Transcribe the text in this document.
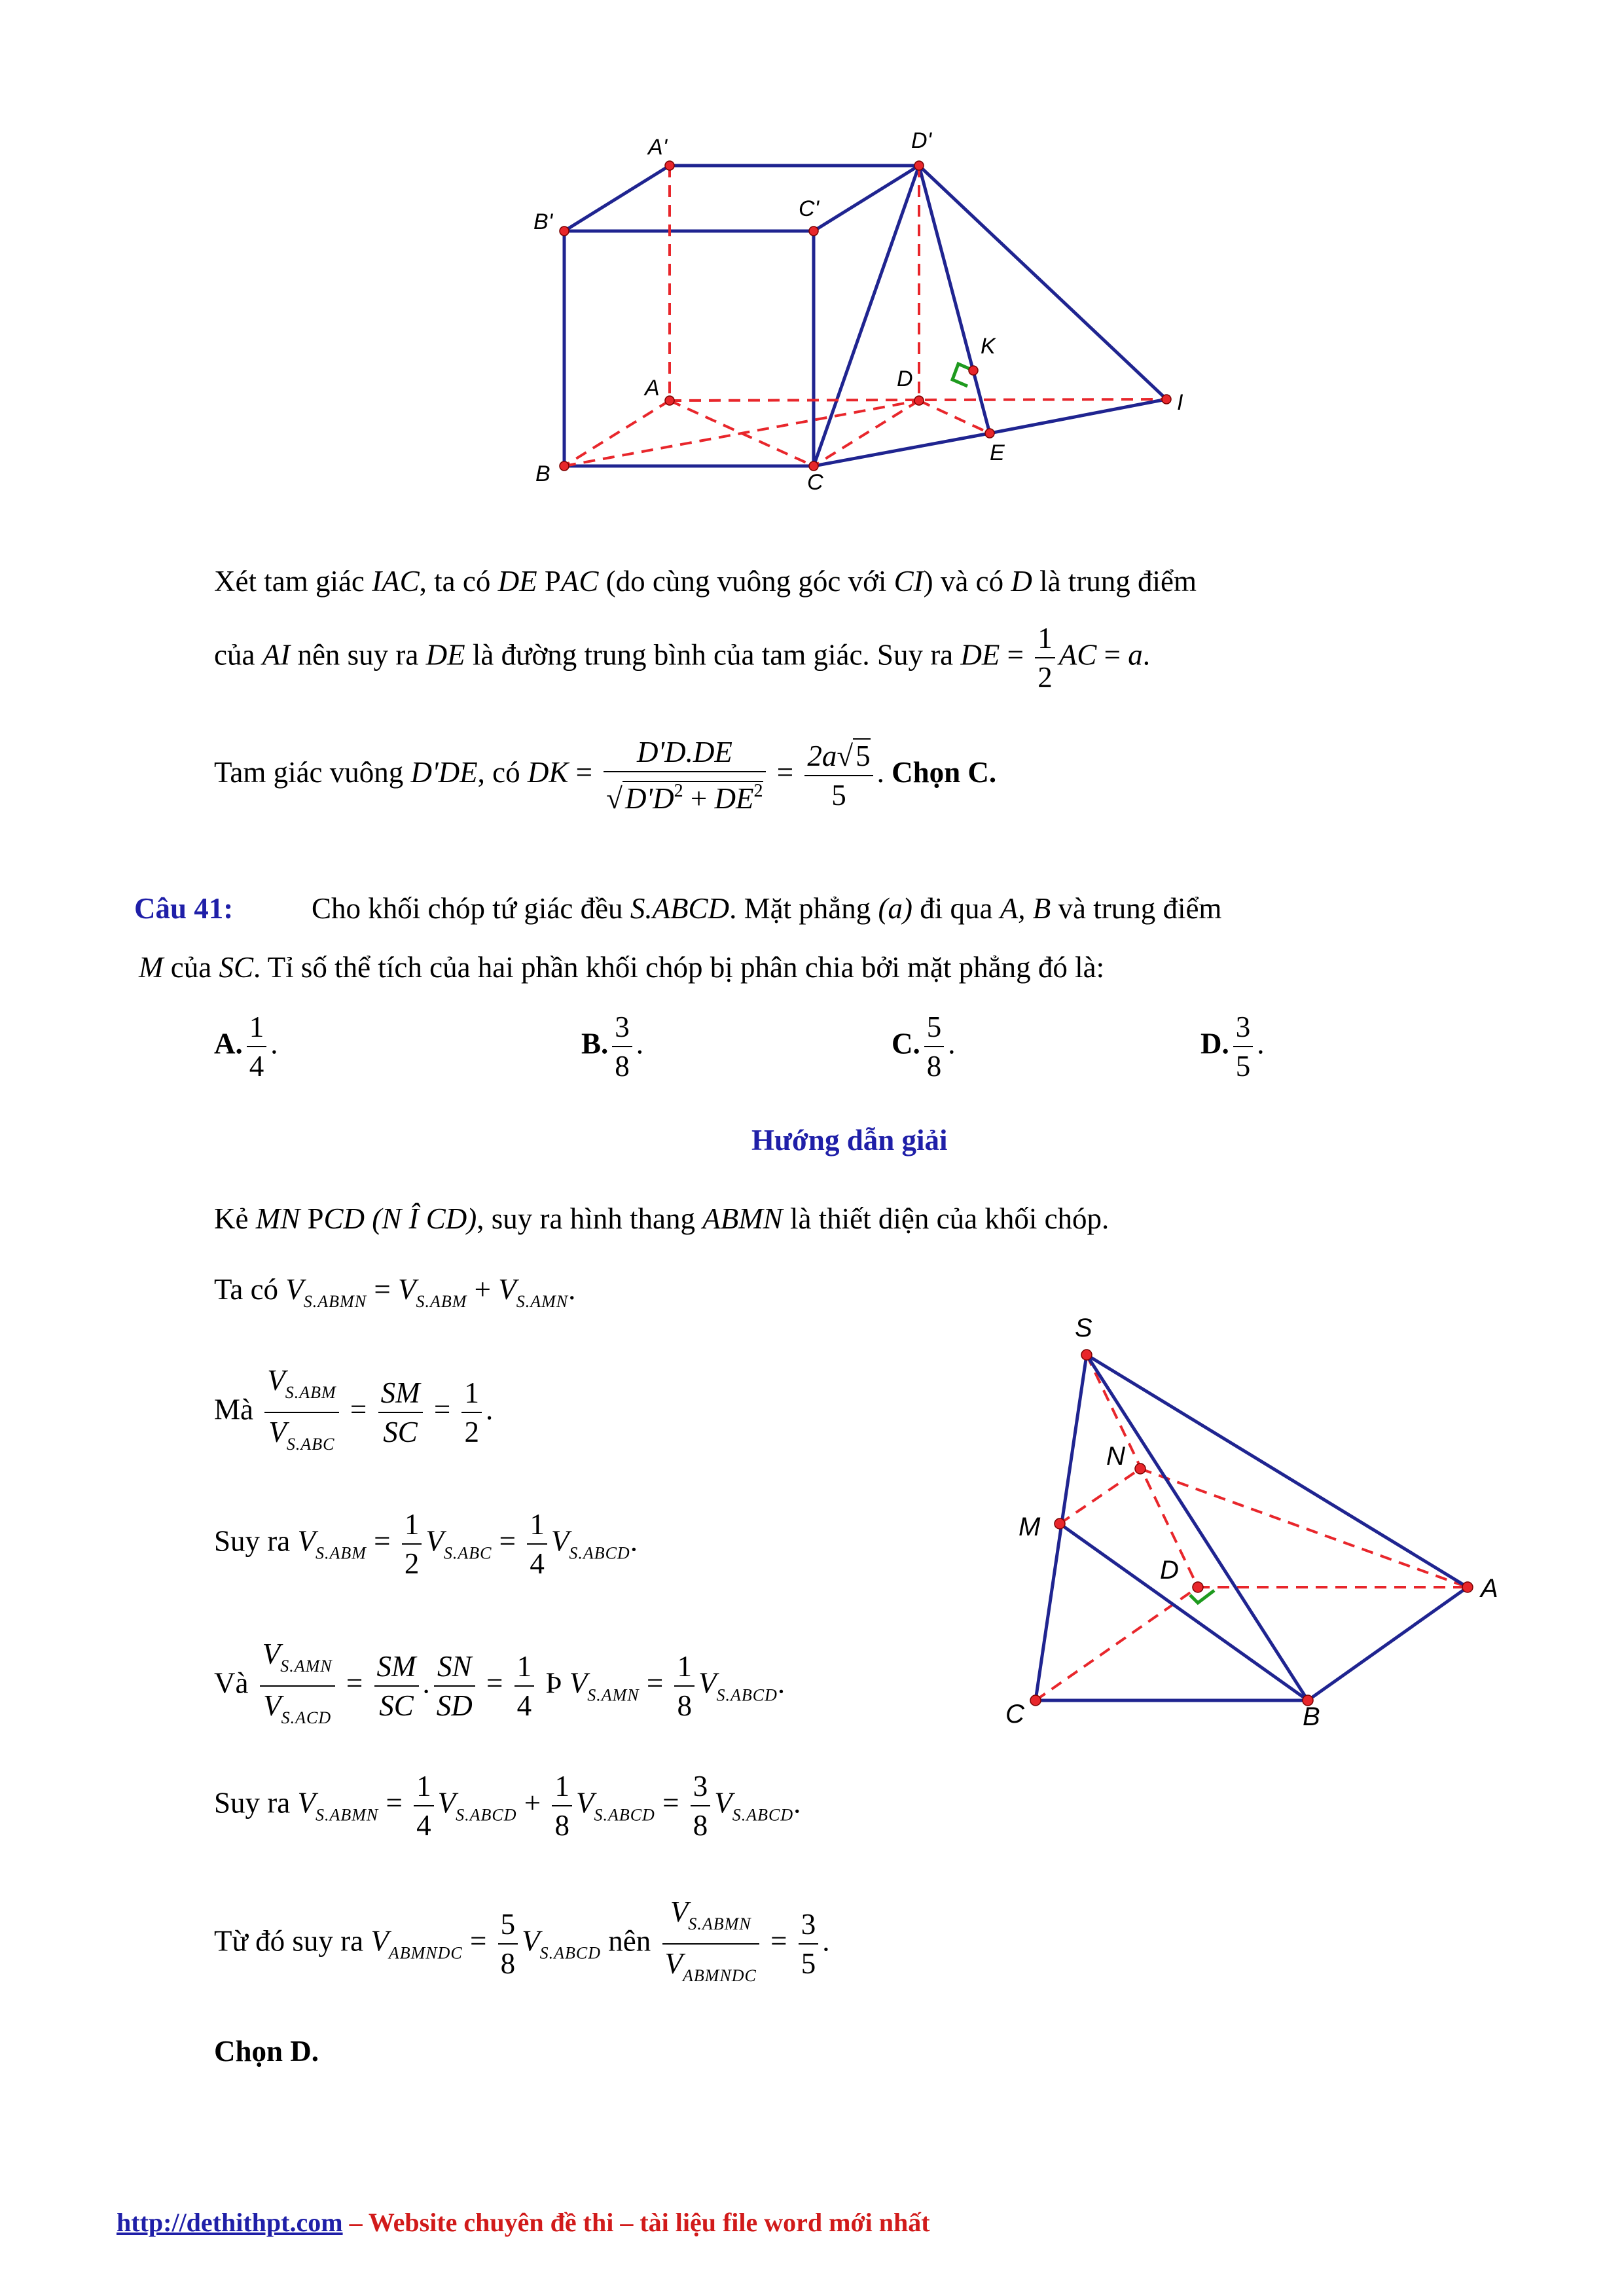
A'	D'
B'
C'
K
A	D
I
E
B	C
Xét tam giác IAC, ta có DE PAC (do cùng vuông góc với CI) và có D là trung điểm
của AI nên suy ra DE là đường trung bình của tam giác. Suy ra DE = $\frac{1}{2}$ AC = a.
Tam giác vuông D'DE, có DK = $\frac{D'D.DE}{√D'D^2 + DE^2} = \frac{2a√5}{5}$ . Chọn C.
Câu 41:	Cho khối chóp tứ giác đều S.ABCD. Mặt phẳng (a) đi qua A, B và trung điểm
M của SC. Tỉ số thể tích của hai phần khối chóp bị phân chia bởi mặt phẳng đó là:
A. $\frac{1}{4}$ .	B. $\frac{3}{8}$ .	C. $\frac{5}{8}$ .	D. $\frac{3}{5}$ .
Hướng dẫn giải
Kẻ MN PCD (N Î CD), suy ra hình thang ABMN là thiết diện của khối chóp.
Ta có $V_{S.ABMN} = V_{S.ABM} + V_{S.AMN}$.
Mà $\frac{V_{S.ABM}}{V_{S.ABC}} = \frac{SM}{SC} = \frac{1}{2}$ .
Suy ra $V_{S.ABM} = \frac{1}{2} V_{S.ABC} = \frac{1}{4} V_{S.ABCD}$.
Và $\frac{V_{S.AMN}}{V_{S.ACD}} = \frac{SM}{SC}$ . $\frac{SN}{SD} = \frac{1}{4}$ Þ $V_{S.AMN} = \frac{1}{8} V_{S.ABCD}$.
Suy ra $V_{S.ABMN} = \frac{1}{4} V_{S.ABCD} + \frac{1}{8} V_{S.ABCD} = \frac{3}{8} V_{S.ABCD}$.
Từ đó suy ra $V_{ABMNDC} = \frac{5}{8} V_{S.ABCD}$ nên $\frac{V_{S.ABMN}}{V_{ABMNDC}} = \frac{3}{5}$ .
Chọn D.
S
N
M
D
A
C	B
http://dethithpt.com – Website chuyên đề thi – tài liệu file word mới nhất
